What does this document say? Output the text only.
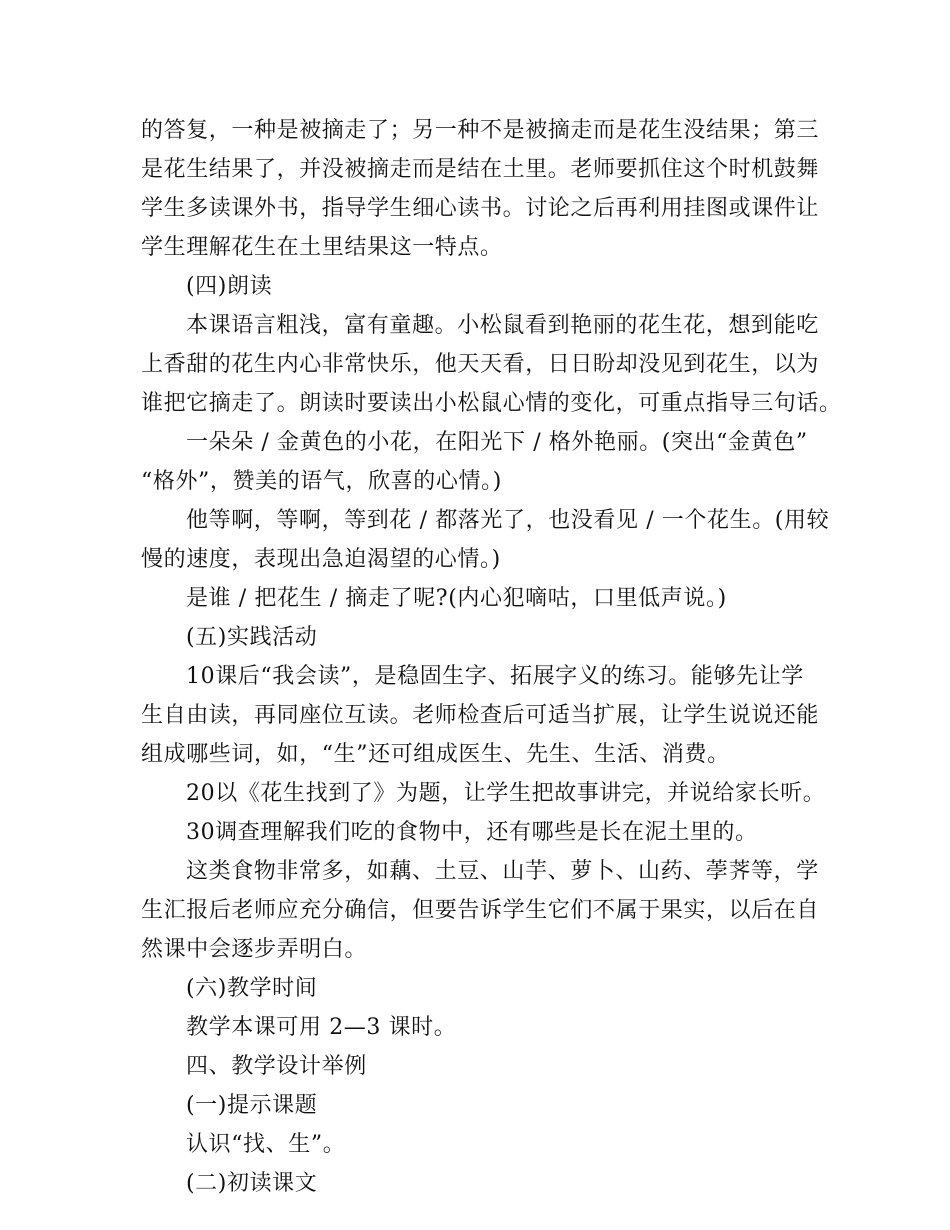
的答复，一种是被摘走了；另一种不是被摘走而是花生没结果；第三
是花生结果了，并没被摘走而是结在土里。老师要抓住这个时机鼓舞
学生多读课外书，指导学生细心读书。讨论之后再利用挂图或课件让
学生理解花生在土里结果这一特点。
(四)朗读
本课语言粗浅，富有童趣。小松鼠看到艳丽的花生花，想到能吃
上香甜的花生内心非常快乐，他天天看，日日盼却没见到花生，以为
谁把它摘走了。朗读时要读出小松鼠心情的变化，可重点指导三句话。
一朵朵 / 金黄色的小花，在阳光下 / 格外艳丽。(突出“金黄色”
“格外”，赞美的语气，欣喜的心情。)
他等啊，等啊，等到花 / 都落光了，也没看见 / 一个花生。(用较
慢的速度，表现出急迫渴望的心情。)
是谁 / 把花生 / 摘走了呢?(内心犯嘀咕，口里低声说。)
(五)实践活动
10课后“我会读”，是稳固生字、拓展字义的练习。能够先让学
生自由读，再同座位互读。老师检查后可适当扩展，让学生说说还能
组成哪些词，如，“生”还可组成医生、先生、生活、消费。
20以《花生找到了》为题，让学生把故事讲完，并说给家长听。
30调查理解我们吃的食物中，还有哪些是长在泥土里的。
这类食物非常多，如藕、土豆、山芋、萝卜、山药、荸荠等，学
生汇报后老师应充分确信，但要告诉学生它们不属于果实，以后在自
然课中会逐步弄明白。
(六)教学时间
教学本课可用 2—3 课时。
四、教学设计举例
(一)提示课题
认识“找、生”。
(二)初读课文
